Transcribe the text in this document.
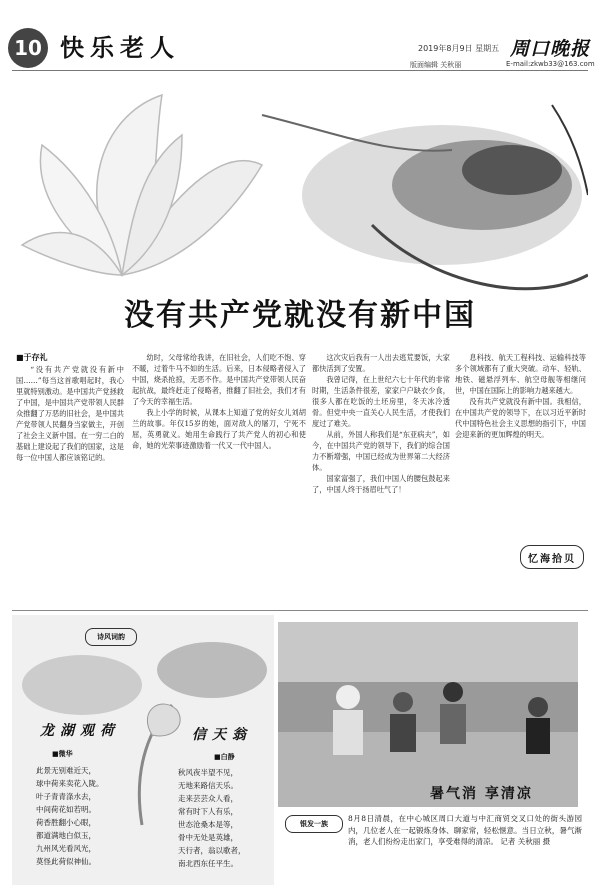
10 快乐老人	2019年8月9日 星期五 周口晚报
版面编辑 关秋丽	E-mail:zkwb33@163.com
没有共产党就没有新中国
■于存礼

“没有共产党就没有新中国……”每当这首歌唱起时，我心里就特别激动。是中国共产党拯救了中国，是中国共产党带领人民群众推翻了万恶的旧社会，是中国共产党带领人民翻身当家做主，开创了社会主义新中国。在一穷二白的基础上建设起了我们的国家，这是每一位中国人都应该铭记的。

幼时，父母常给我讲，在旧社会，人们吃不饱、穿不暖，过着牛马不如的生活。后来，日本侵略者侵入了中国，烧杀抢掠，无恶不作。是中国共产党带领人民奋起抗战，最终赶走了侵略者，推翻了旧社会，我们才有了今天的幸福生活。

我上小学的时候，从课本上知道了党的好女儿刘胡兰的故事。年仅15岁的她，面对敌人的屠刀，宁死不屈，英勇就义。她用生命践行了共产党人的初心和使命，她的光荣事迹激励着一代又一代中国人。

这次灾后我有一人出去逃荒要饭，大家都快活到了安置。

我曾记得，在上世纪六七十年代的非常时期，生活条件很差，家家户户缺衣少食，很多人都在吃饭的土坯房里，冬天冰冷透骨。但党中央一直关心人民生活，才使我们度过了难关。

从前，外国人称我们是“东亚病夫”，如今，在中国共产党的领导下，我们的综合国力不断增强，中国已经成为世界第二大经济体。

国家富强了，我们中国人的腰包鼓起来了，中国人终于扬眉吐气了！

息科技、航天工程科技、运输科技等多个领域都有了重大突破。动车、轻轨、地铁、磁悬浮列车、航空母舰等相继问世，中国在国际上的影响力越来越大。

没有共产党就没有新中国。我相信，在中国共产党的领导下，在以习近平新时代中国特色社会主义思想的指引下，中国会迎来新的更加辉煌的明天。

忆海拾贝
诗风词韵
龙湖观荷
■微华
此景无别难近天，
球中荷来卖花入陇。
叶子青青涤水去，
中间荷花如若明。
荷香胜翻小心眼，
都道满地白似玉，
九州风光看风光，
莫怪此荷似神仙。
信天翁
■白静
秋风夜半望不见，
无地来路信天乐。
走来芸芸众人看，
常有时下人有乐，
世态沧桑本是等，
骨中无处是英雄，
天行者，翁以歌者，
南北西东任平生。
暑气消 享清凉
银发一族
8月8日清晨，在中心城区周口大道与中汇商贸交叉口处的街头游园内，几位老人在一起锻炼身体、聊家常，轻松惬意。当日立秋，暑气渐消，老人们纷纷走出家门，享受难得的清凉。 记者 关秋丽 摄
